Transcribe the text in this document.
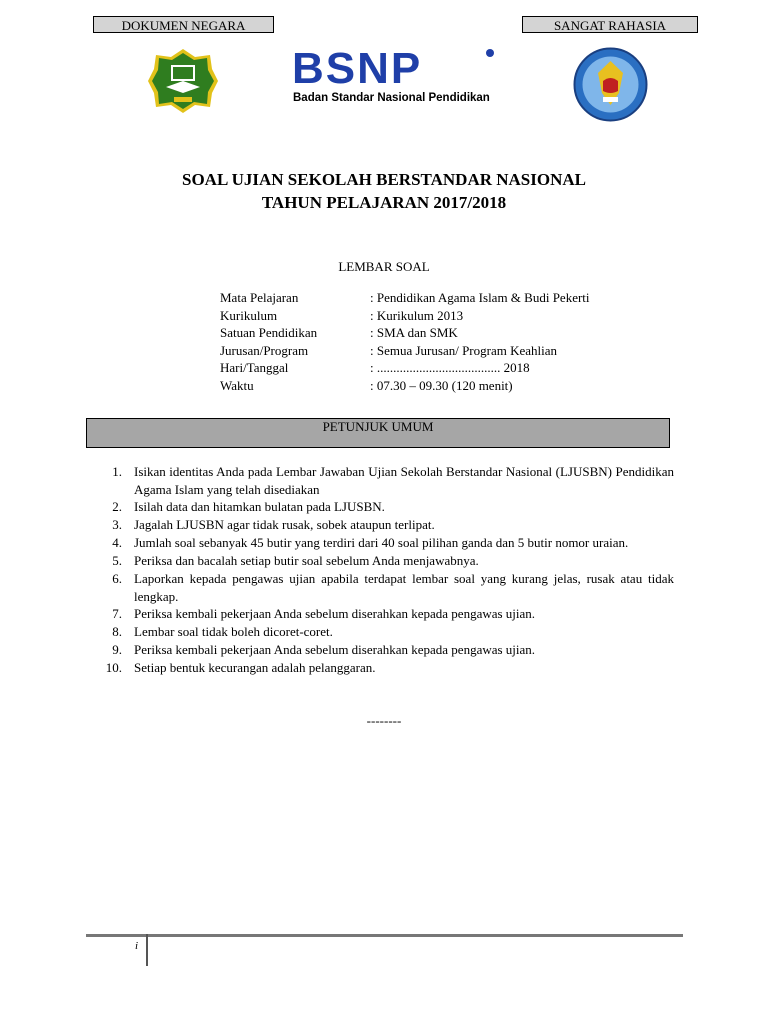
DOKUMEN NEGARA	SANGAT RAHASIA
BSNP
Badan Standar Nasional Pendidikan
SOAL UJIAN SEKOLAH BERSTANDAR NASIONAL
TAHUN PELAJARAN 2017/2018
LEMBAR SOAL
Mata Pelajaran	: Pendidikan Agama Islam & Budi Pekerti
Kurikulum	: Kurikulum 2013
Satuan Pendidikan	: SMA dan SMK
Jurusan/Program	: Semua Jurusan/ Program Keahlian
Hari/Tanggal	: ...................................... 2018
Waktu	: 07.30 – 09.30 (120 menit)
PETUNJUK UMUM
1. Isikan identitas Anda pada Lembar Jawaban Ujian Sekolah Berstandar Nasional (LJUSBN) Pendidikan Agama Islam yang telah disediakan
2. Isilah data dan hitamkan bulatan pada LJUSBN.
3. Jagalah LJUSBN agar tidak rusak, sobek ataupun terlipat.
4. Jumlah soal sebanyak 45 butir yang terdiri dari 40 soal pilihan ganda dan 5 butir nomor uraian.
5. Periksa dan bacalah setiap butir soal sebelum Anda menjawabnya.
6. Laporkan kepada pengawas ujian apabila terdapat lembar soal yang kurang jelas, rusak atau tidak lengkap.
7. Periksa kembali pekerjaan Anda sebelum diserahkan kepada pengawas ujian.
8. Lembar soal tidak boleh dicoret-coret.
9. Periksa kembali pekerjaan Anda sebelum diserahkan kepada pengawas ujian.
10. Setiap bentuk kecurangan adalah pelanggaran.
--------
i
